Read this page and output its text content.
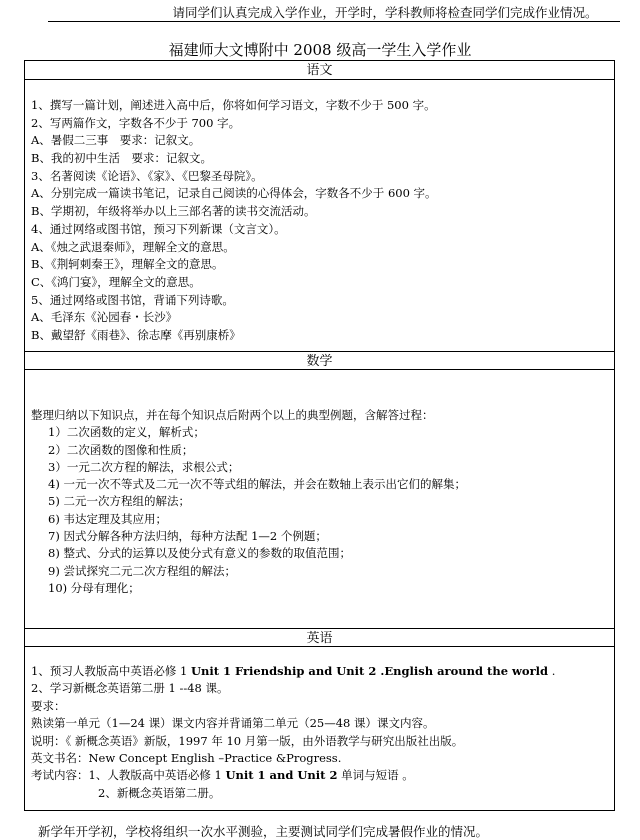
请同学们认真完成入学作业，开学时，学科教师将检查同学们完成作业情况。
福建师大文博附中 2008 级高一学生入学作业
语文
1、撰写一篇计划，阐述进入高中后，你将如何学习语文，字数不少于 500 字。
2、写两篇作文，字数各不少于 700 字。
A、暑假二三事　要求：记叙文。
B、我的初中生活　要求：记叙文。
3、名著阅读《论语》、《家》、《巴黎圣母院》。
A、分别完成一篇读书笔记，记录自己阅读的心得体会，字数各不少于 600 字。
B、学期初，年级将举办以上三部名著的读书交流活动。
4、通过网络或图书馆，预习下列新课（文言文）。
A、《烛之武退秦师》，理解全文的意思。
B、《荆轲刺秦王》，理解全文的意思。
C、《鸿门宴》，理解全文的意思。
5、通过网络或图书馆，背诵下列诗歌。
A、毛泽东《沁园春・长沙》
B、戴望舒《雨巷》、徐志摩《再别康桥》
数学
整理归纳以下知识点，并在每个知识点后附两个以上的典型例题，含解答过程：
1）二次函数的定义，解析式；
2）二次函数的图像和性质；
3）一元二次方程的解法，求根公式；
4) 一元一次不等式及二元一次不等式组的解法，并会在数轴上表示出它们的解集；
5) 二元一次方程组的解法；
6) 韦达定理及其应用；
7) 因式分解各种方法归纳，每种方法配 1—2 个例题；
8) 整式、分式的运算以及使分式有意义的参数的取值范围；
9) 尝试探究二元二次方程组的解法；
10) 分母有理化；
英语
1、预习人教版高中英语必修 1 Unit 1 Friendship and Unit 2 .English around the world .
2、学习新概念英语第二册 1 --48 课。
要求：
熟读第一单元（1—24 课）课文内容并背诵第二单元（25—48 课）课文内容。
说明：《 新概念英语》新版，1997 年 10 月第一版，由外语教学与研究出版社出版。
英文书名：New Concept English –Practice &Progress.
考试内容：1、人教版高中英语必修 1 Unit 1 and Unit 2 单词与短语 。
2、新概念英语第二册。
新学年开学初，学校将组织一次水平测验，主要测试同学们完成暑假作业的情况。
